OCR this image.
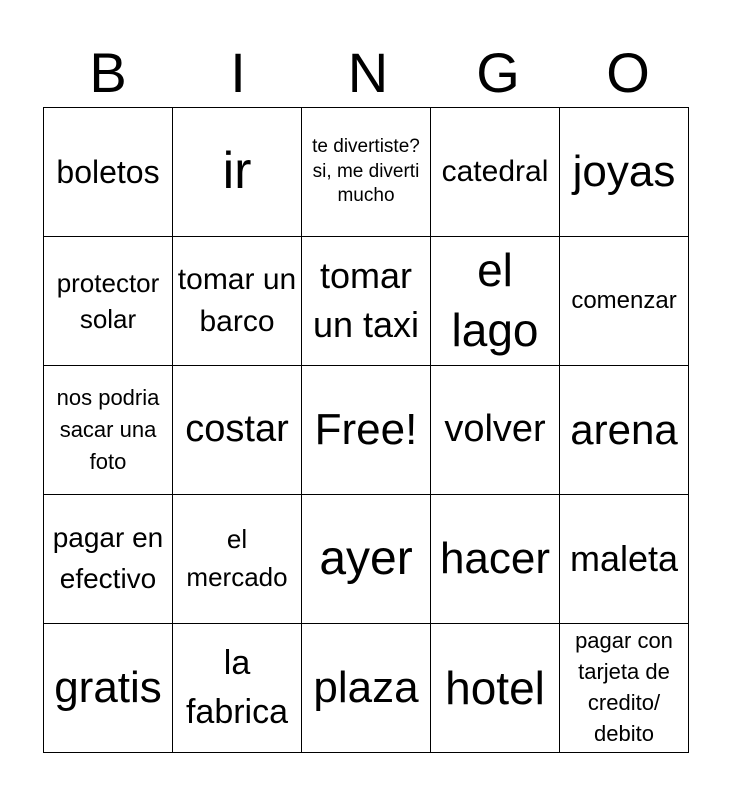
B	I	N	G	O
boletos	ir	te divertiste? si, me diverti mucho	catedral	joyas
protector solar	tomar un barco	tomar un taxi	el lago	comenzar
nos podria sacar una foto	costar	Free!	volver	arena
pagar en efectivo	el mercado	ayer	hacer	maleta
gratis	la fabrica	plaza	hotel	pagar con tarjeta de credito/ debito
